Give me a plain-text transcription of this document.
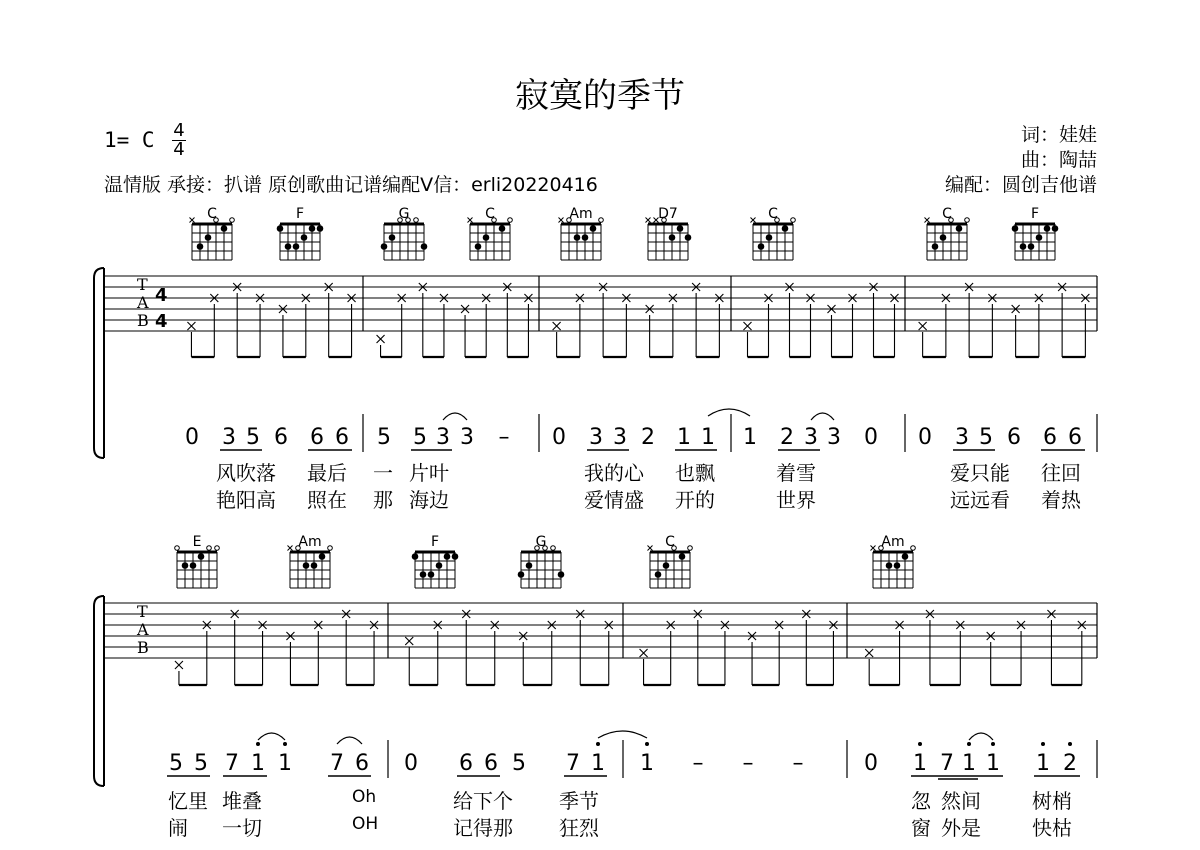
寂寞的季节
1= C 4
4
词：娃娃
曲：陶喆
温情版 承接：扒谱 原创歌曲记谱编配V信：erli20220416	编配：圆创吉他谱
C	F	G	C	Am	D7	C	C	F
E	Am	F	G	C	Am
0 3 5 6 6 6 5 5 3 3 – 0 3 3 2 1 1 1 2 3 3 0 0 3 5 6 6 6
5 5 7 1 1 7 6 0 6 6 5 7 1 1 – – –	0 1 7 1 1 1 2
T
A
B
4
4
T
A
B
风吹落 最后 一 片叶	我的心 也飘	着雪	爱只能 往回
艳阳高 照在 那 海边	爱情盛 开的	世界	远远看 着热
忆里 堆叠	Oh	给下个 季节	忽 然间	树梢
闹 一切	OH	记得那 狂烈	窗 外是	快枯
